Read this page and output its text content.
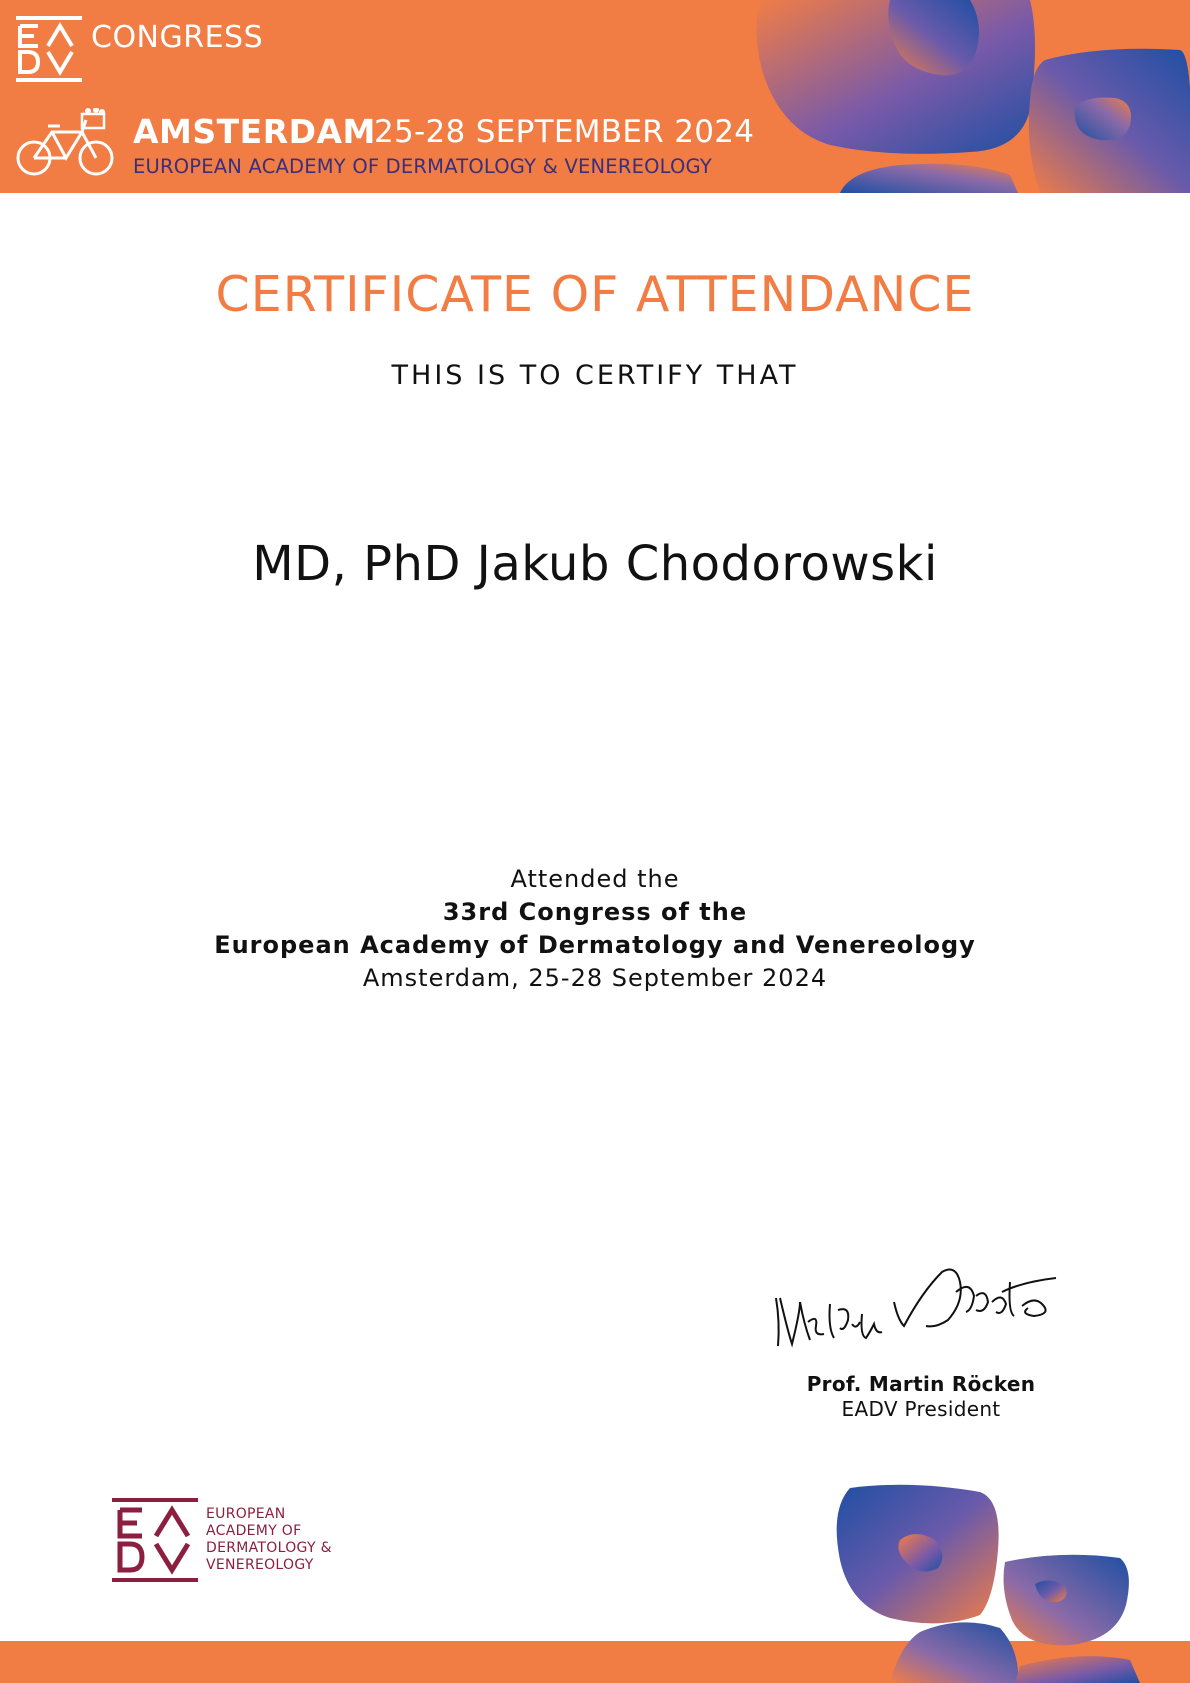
CONGRESS
AMSTERDAM
25-28 SEPTEMBER 2024
EUROPEAN ACADEMY OF DERMATOLOGY & VENEREOLOGY
CERTIFICATE OF ATTENDANCE
THIS IS TO CERTIFY THAT
MD, PhD Jakub Chodorowski
Attended the
33rd Congress of the
European Academy of Dermatology and Venereology
Amsterdam, 25-28 September 2024
Prof. Martin Röcken
EADV President
EUROPEAN
ACADEMY OF
DERMATOLOGY &
VENEREOLOGY
